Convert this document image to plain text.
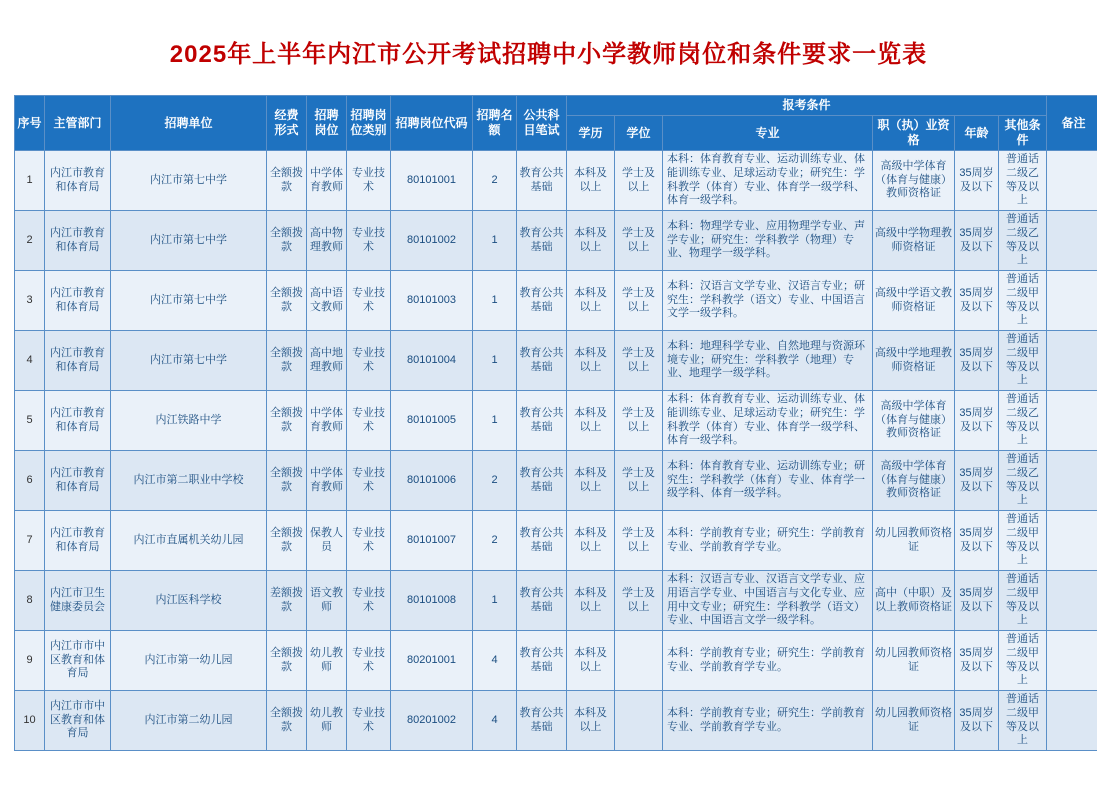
2025年上半年内江市公开考试招聘中小学教师岗位和条件要求一览表
序号	主管部门	招聘单位	经费形式	招聘岗位	招聘岗位类别	招聘岗位代码	招聘名额	公共科目笔试	报考条件						备注
									学历	学位	专业	职（执）业资格	年龄	其他条件	
1	内江市教育和体育局	内江市第七中学	全额拨款	中学体育教师	专业技术	80101001	2	教育公共基础	本科及以上	学士及以上	本科：体育教育专业、运动训练专业、体能训练专业、足球运动专业；研究生：学科教学（体育）专业、体育学一级学科、体育一级学科。	高级中学体育（体育与健康）教师资格证	35周岁及以下	普通话二级乙等及以上	
2	内江市教育和体育局	内江市第七中学	全额拨款	高中物理教师	专业技术	80101002	1	教育公共基础	本科及以上	学士及以上	本科：物理学专业、应用物理学专业、声学专业；研究生：学科教学（物理）专业、物理学一级学科。	高级中学物理教师资格证	35周岁及以下	普通话二级乙等及以上	
3	内江市教育和体育局	内江市第七中学	全额拨款	高中语文教师	专业技术	80101003	1	教育公共基础	本科及以上	学士及以上	本科：汉语言文学专业、汉语言专业；研究生：学科教学（语文）专业、中国语言文学一级学科。	高级中学语文教师资格证	35周岁及以下	普通话二级甲等及以上	
4	内江市教育和体育局	内江市第七中学	全额拨款	高中地理教师	专业技术	80101004	1	教育公共基础	本科及以上	学士及以上	本科：地理科学专业、自然地理与资源环境专业；研究生：学科教学（地理）专业、地理学一级学科。	高级中学地理教师资格证	35周岁及以下	普通话二级甲等及以上	
5	内江市教育和体育局	内江铁路中学	全额拨款	中学体育教师	专业技术	80101005	1	教育公共基础	本科及以上	学士及以上	本科：体育教育专业、运动训练专业、体能训练专业、足球运动专业；研究生：学科教学（体育）专业、体育学一级学科、体育一级学科。	高级中学体育（体育与健康）教师资格证	35周岁及以下	普通话二级乙等及以上	
6	内江市教育和体育局	内江市第二职业中学校	全额拨款	中学体育教师	专业技术	80101006	2	教育公共基础	本科及以上	学士及以上	本科：体育教育专业、运动训练专业；研究生：学科教学（体育）专业、体育学一级学科、体育一级学科。	高级中学体育（体育与健康）教师资格证	35周岁及以下	普通话二级乙等及以上	
7	内江市教育和体育局	内江市直属机关幼儿园	全额拨款	保教人员	专业技术	80101007	2	教育公共基础	本科及以上	学士及以上	本科：学前教育专业；研究生：学前教育专业、学前教育学专业。	幼儿园教师资格证	35周岁及以下	普通话二级甲等及以上	
8	内江市卫生健康委员会	内江医科学校	差额拨款	语文教师	专业技术	80101008	1	教育公共基础	本科及以上	学士及以上	本科：汉语言专业、汉语言文学专业、应用语言学专业、中国语言与文化专业、应用中文专业；研究生：学科教学（语文）专业、中国语言文学一级学科。	高中（中职）及以上教师资格证	35周岁及以下	普通话二级甲等及以上	
9	内江市市中区教育和体育局	内江市第一幼儿园	全额拨款	幼儿教师	专业技术	80201001	4	教育公共基础	本科及以上		本科：学前教育专业；研究生：学前教育专业、学前教育学专业。	幼儿园教师资格证	35周岁及以下	普通话二级甲等及以上	
10	内江市市中区教育和体育局	内江市第二幼儿园	全额拨款	幼儿教师	专业技术	80201002	4	教育公共基础	本科及以上		本科：学前教育专业；研究生：学前教育专业、学前教育学专业。	幼儿园教师资格证	35周岁及以下	普通话二级甲等及以上	
